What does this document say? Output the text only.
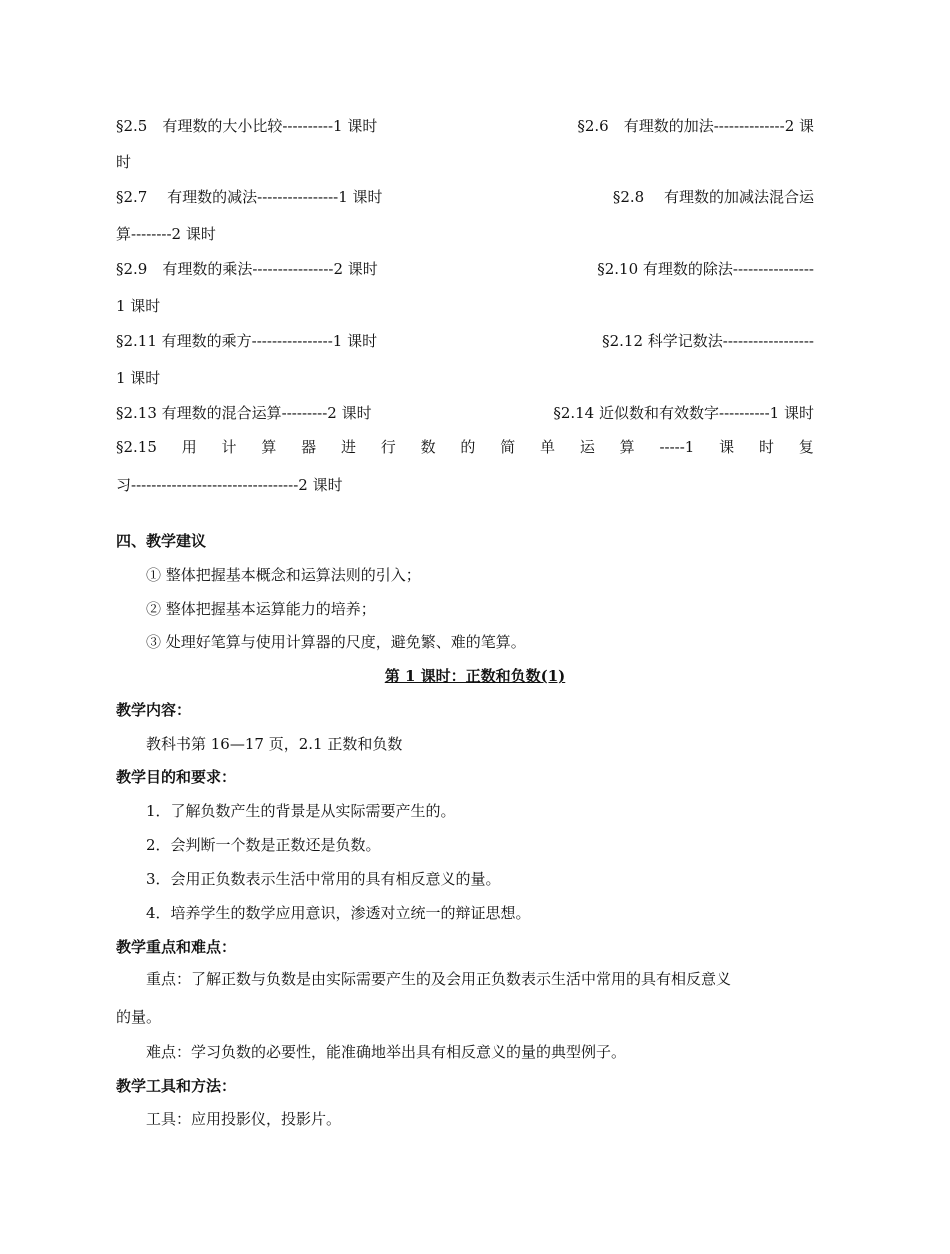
§2.5　有理数的大小比较----------1 课时	§2.6　有理数的加法--------------2 课
时
§2.7　 有理数的减法----------------1 课时	§2.8　 有理数的加减法混合运
算--------2 课时
§2.9　有理数的乘法----------------2 课时	§2.10 有理数的除法----------------
1 课时
§2.11 有理数的乘方----------------1 课时	§2.12 科学记数法------------------
1 课时
§2.13 有理数的混合运算---------2 课时	§2.14 近似数和有效数字----------1 课时
§2.15 用 计 算 器 进 行 数 的 简 单 运 算 -----1 课 时 复
习---------------------------------2 课时
四、教学建议
① 整体把握基本概念和运算法则的引入；
② 整体把握基本运算能力的培养；
③ 处理好笔算与使用计算器的尺度，避免繁、难的笔算。
第 1 课时：正数和负数(1)
教学内容：
教科书第 16—17 页，2.1 正数和负数
教学目的和要求：
1．了解负数产生的背景是从实际需要产生的。
2．会判断一个数是正数还是负数。
3．会用正负数表示生活中常用的具有相反意义的量。
4．培养学生的数学应用意识，渗透对立统一的辩证思想。
教学重点和难点：
重点：了解正数与负数是由实际需要产生的及会用正负数表示生活中常用的具有相反意义
的量。
难点：学习负数的必要性，能准确地举出具有相反意义的量的典型例子。
教学工具和方法：
工具：应用投影仪，投影片。
